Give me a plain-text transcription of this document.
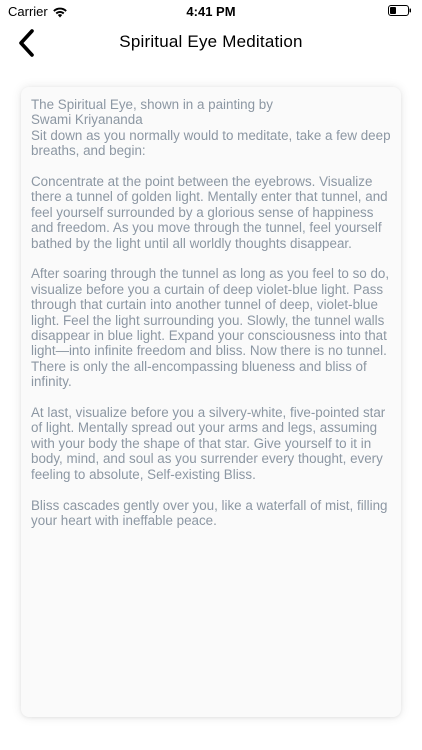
Carrier	4:41 PM
Spiritual Eye Meditation

The Spiritual Eye, shown in a painting by
Swami Kriyananda
Sit down as you normally would to meditate, take a few deep breaths, and begin:

Concentrate at the point between the eyebrows. Visualize there a tunnel of golden light. Mentally enter that tunnel, and feel yourself surrounded by a glorious sense of happiness and freedom. As you move through the tunnel, feel yourself bathed by the light until all worldly thoughts disappear.

After soaring through the tunnel as long as you feel to so do, visualize before you a curtain of deep violet-blue light. Pass through that curtain into another tunnel of deep, violet-blue light. Feel the light surrounding you. Slowly, the tunnel walls disappear in blue light. Expand your consciousness into that light—into infinite freedom and bliss. Now there is no tunnel. There is only the all-encompassing blueness and bliss of infinity.

At last, visualize before you a silvery-white, five-pointed star of light. Mentally spread out your arms and legs, assuming with your body the shape of that star. Give yourself to it in body, mind, and soul as you surrender every thought, every feeling to absolute, Self-existing Bliss.

Bliss cascades gently over you, like a waterfall of mist, filling your heart with ineffable peace.
